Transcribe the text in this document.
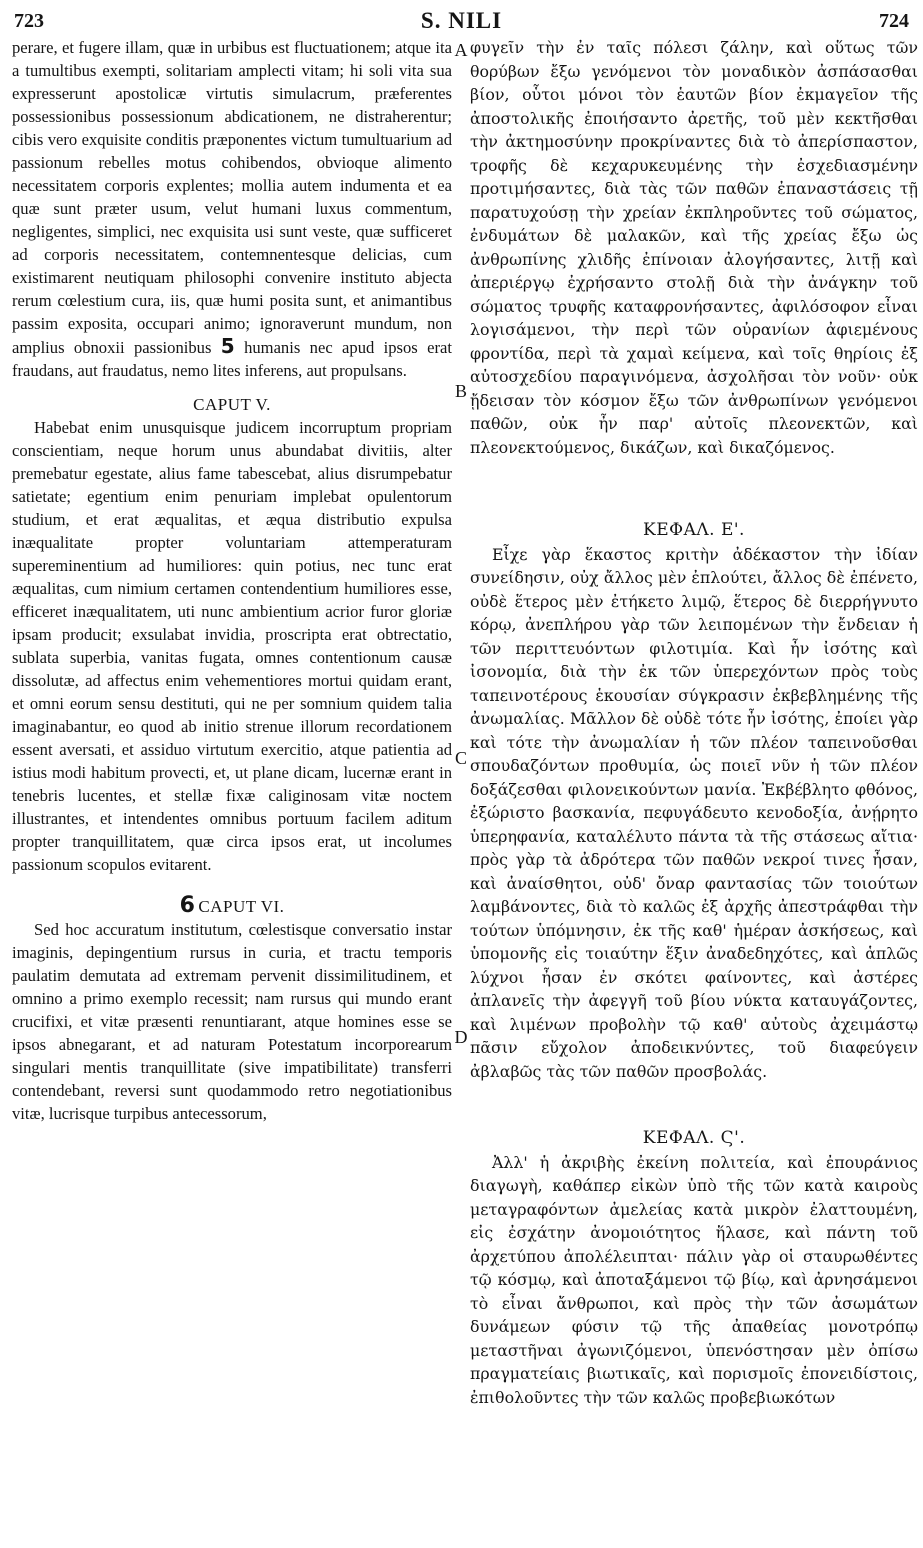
723	S. NILI	724
A
B
C
D

perare, et fugere illam, quæ in urbibus est fluctuationem; atque ita a tumultibus exempti, solitariam amplecti vitam; hi soli vita sua expresserunt apostolicæ virtutis simulacrum, præferentes possessionibus possessionum abdicationem, ne distraherentur; cibis vero exquisite conditis præponentes victum tumultuarium ad passionum rebelles motus cohibendos, obvioque alimento necessitatem corporis explentes; mollia autem indumenta et ea quæ sunt præter usum, velut humani luxus commentum, negligentes, simplici, nec exquisita usi sunt veste, quæ sufficeret ad corporis necessitatem, contemnentesque delicias, cum existimarent neutiquam philosophi convenire instituto abjecta rerum cœlestium cura, iis, quæ humi posita sunt, et animantibus passim exposita, occupari animo; ignoraverunt mundum, non amplius obnoxii passionibus 5 humanis nec apud ipsos erat fraudans, aut fraudatus, nemo lites inferens, aut propulsans.

CAPUT V.

Habebat enim unusquisque judicem incorruptum propriam conscientiam, neque horum unus abundabat divitiis, alter premebatur egestate, alius fame tabescebat, alius disrumpebatur satietate; egentium enim penuriam implebat opulentorum studium, et erat æqualitas, et æqua distributio expulsa inæqualitate propter voluntariam attemperaturam supereminentium ad humiliores: quin potius, nec tunc erat æqualitas, cum nimium certamen contendentium humiliores esse, efficeret inæqualitatem, uti nunc ambientium acrior furor gloriæ ipsam producit; exsulabat invidia, proscripta erat obtrectatio, sublata superbia, vanitas fugata, omnes contentionum causæ dissolutæ, ad affectus enim vehementiores mortui quidam erant, et omni eorum sensu destituti, qui ne per somnium quidem talia imaginabantur, eo quod ab initio strenue illorum recordationem essent aversati, et assiduo virtutum exercitio, atque patientia ad istius modi habitum provecti, et, ut plane dicam, lucernæ erant in tenebris lucentes, et stellæ fixæ caliginosam vitæ noctem illustrantes, et intendentes omnibus portuum facilem aditum propter tranquillitatem, quæ circa ipsos erat, ut incolumes passionum scopulos evitarent.

6 CAPUT VI.

Sed hoc accuratum institutum, cœlestisque conversatio instar imaginis, depingentium rursus in curia, et tractu temporis paulatim demutata ad extremam pervenit dissimilitudinem, et omnino a primo exemplo recessit; nam rursus qui mundo erant crucifixi, et vitæ præsenti renuntiarant, atque homines esse se ipsos abnegarant, et ad naturam Potestatum incorporearum singulari mentis tranquillitate (sive impatibilitate) transferri contendebant, reversi sunt quodammodo retro negotiationibus vitæ, lucrisque turpibus antecessorum,

φυγεῖν τὴν ἐν ταῖς πόλεσι ζάλην, καὶ οὕτως τῶν θορύβων ἔξω γενόμενοι τὸν μοναδικὸν ἀσπάσασθαι βίον, οὗτοι μόνοι τὸν ἑαυτῶν βίον ἐκμαγεῖον τῆς ἀποστολικῆς ἐποιήσαντο ἀρετῆς, τοῦ μὲν κεκτῆσθαι τὴν ἀκτημοσύνην προκρίναντες διὰ τὸ ἀπερίσπαστον, τροφῆς δὲ κεχαρυκευμένης τὴν ἐσχεδιασμένην προτιμήσαντες, διὰ τὰς τῶν παθῶν ἐπαναστάσεις τῇ παρατυχούσῃ τὴν χρείαν ἐκπληροῦντες τοῦ σώματος, ἐνδυμάτων δὲ μαλακῶν, καὶ τῆς χρείας ἔξω ὡς ἀνθρωπίνης χλιδῆς ἐπίνοιαν ἀλογήσαντες, λιτῇ καὶ ἀπεριέργῳ ἐχρήσαντο στολῇ διὰ τὴν ἀνάγκην τοῦ σώματος τρυφῆς καταφρονήσαντες, ἀφιλόσοφον εἶναι λογισάμενοι, τὴν περὶ τῶν οὐρανίων ἀφιεμένους φροντίδα, περὶ τὰ χαμαὶ κείμενα, καὶ τοῖς θηρίοις ἐξ αὐτοσχεδίου παραγινόμενα, ἀσχολῆσαι τὸν νοῦν· οὐκ ᾔδεισαν τὸν κόσμον ἔξω τῶν ἀνθρωπίνων γενόμενοι παθῶν, οὐκ ἦν παρ' αὐτοῖς πλεονεκτῶν, καὶ πλεονεκτούμενος, δικάζων, καὶ δικαζόμενος.

ΚΕΦΑΛ. Ε'.

Εἶχε γὰρ ἕκαστος κριτὴν ἀδέκαστον τὴν ἰδίαν συνείδησιν, οὐχ ἄλλος μὲν ἐπλούτει, ἄλλος δὲ ἐπένετο, οὐδὲ ἕτερος μὲν ἐτήκετο λιμῷ, ἕτερος δὲ διερρήγνυτο κόρῳ, ἀνεπλήρου γὰρ τῶν λειπομένων τὴν ἔνδειαν ἡ τῶν περιττευόντων φιλοτιμία. Καὶ ἦν ἰσότης καὶ ἰσονομία, διὰ τὴν ἐκ τῶν ὑπερεχόντων πρὸς τοὺς ταπεινοτέρους ἑκουσίαν σύγκρασιν ἐκβεβλημένης τῆς ἀνωμαλίας. Μᾶλλον δὲ οὐδὲ τότε ἦν ἰσότης, ἐποίει γὰρ καὶ τότε τὴν ἀνωμαλίαν ἡ τῶν πλέον ταπεινοῦσθαι σπουδαζόντων προθυμία, ὡς ποιεῖ νῦν ἡ τῶν πλέον δοξάζεσθαι φιλονεικούντων μανία. Ἐκβέβλητο φθόνος, ἐξώριστο βασκανία, πεφυγάδευτο κενοδοξία, ἀνῄρητο ὑπερηφανία, καταλέλυτο πάντα τὰ τῆς στάσεως αἴτια· πρὸς γὰρ τὰ ἀδρότερα τῶν παθῶν νεκροί τινες ἦσαν, καὶ ἀναίσθητοι, οὐδ' ὄναρ φαντασίας τῶν τοιούτων λαμβάνοντες, διὰ τὸ καλῶς ἐξ ἀρχῆς ἀπεστράφθαι τὴν τούτων ὑπόμνησιν, ἐκ τῆς καθ' ἡμέραν ἀσκήσεως, καὶ ὑπομονῆς εἰς τοιαύτην ἕξιν ἀναδεδηχότες, καὶ ἁπλῶς λύχνοι ἦσαν ἐν σκότει φαίνοντες, καὶ ἀστέρες ἀπλανεῖς τὴν ἀφεγγῆ τοῦ βίου νύκτα καταυγάζοντες, καὶ λιμένων προβολὴν τῷ καθ' αὐτοὺς ἀχειμάστῳ πᾶσιν εὔχολον ἀποδεικνύντες, τοῦ διαφεύγειν ἀβλαβῶς τὰς τῶν παθῶν προσβολάς.

ΚΕΦΑΛ. Ϛ'.

Ἀλλ' ἡ ἀκριβὴς ἐκείνη πολιτεία, καὶ ἐπουράνιος διαγωγὴ, καθάπερ εἰκὼν ὑπὸ τῆς τῶν κατὰ καιροὺς μεταγραφόντων ἀμελείας κατὰ μικρὸν ἐλαττουμένη, εἰς ἐσχάτην ἀνομοιότητος ἥλασε, καὶ πάντη τοῦ ἀρχετύπου ἀπολέλειπται· πάλιν γὰρ οἱ σταυρωθέντες τῷ κόσμῳ, καὶ ἀποταξάμενοι τῷ βίῳ, καὶ ἀρνησάμενοι τὸ εἶναι ἄνθρωποι, καὶ πρὸς τὴν τῶν ἀσωμάτων δυνάμεων φύσιν τῷ τῆς ἀπαθείας μονοτρόπῳ μεταστῆναι ἀγωνιζόμενοι, ὑπενόστησαν μὲν ὀπίσω πραγματείαις βιωτικαῖς, καὶ πορισμοῖς ἐπονειδίστοις, ἐπιθολοῦντες τὴν τῶν καλῶς προβεβιωκότων
